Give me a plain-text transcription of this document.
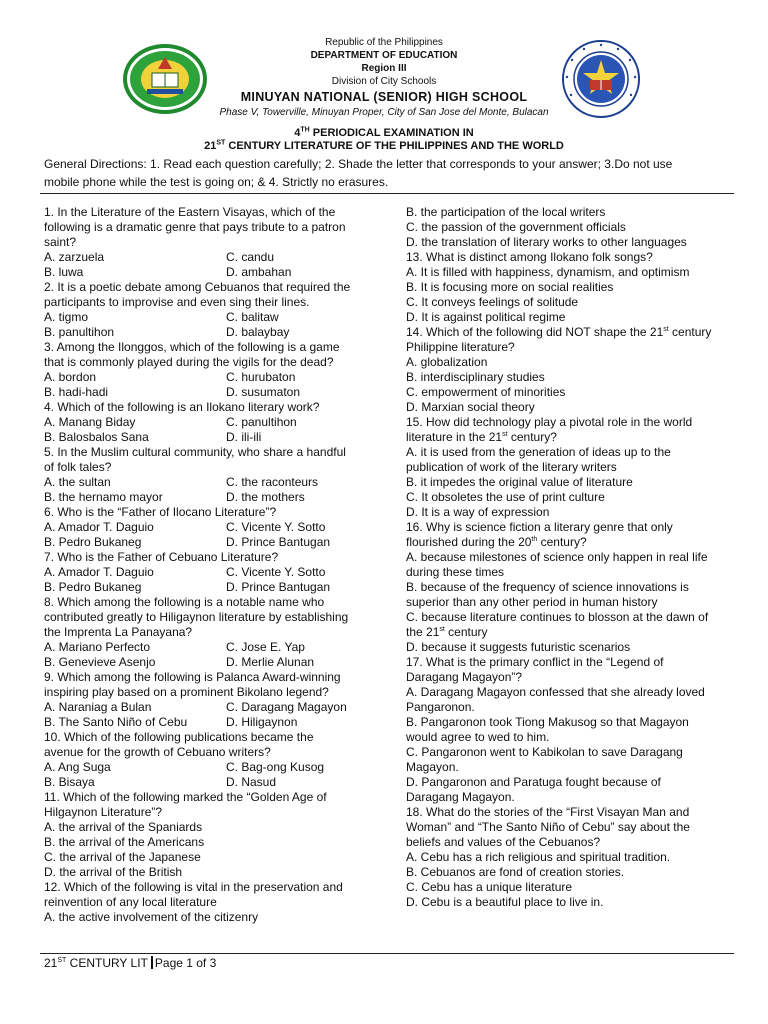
Republic of the Philippines
DEPARTMENT OF EDUCATION
Region III
Division of City Schools
MINUYAN NATIONAL (SENIOR) HIGH SCHOOL
Phase V, Towerville, Minuyan Proper, City of San Jose del Monte, Bulacan
4TH PERIODICAL EXAMINATION IN
21ST CENTURY LITERATURE OF THE PHILIPPINES AND THE WORLD
General Directions: 1. Read each question carefully; 2. Shade the letter that corresponds to your answer; 3.Do not use
mobile phone while the test is going on; & 4. Strictly no erasures.
1. In the Literature of the Eastern Visayas, which of the
following is a dramatic genre that pays tribute to a patron
saint?
A. zarzuela	C. candu
B. luwa	D. ambahan
2. It is a poetic debate among Cebuanos that required the
participants to improvise and even sing their lines.
A. tigmo	C. balitaw
B. panultihon	D. balaybay
3. Among the Ilonggos, which of the following is a game
that is commonly played during the vigils for the dead?
A. bordon	C. hurubaton
B. hadi-hadi	D. susumaton
4. Which of the following is an Ilokano literary work?
A. Manang Biday	C. panultihon
B. Balosbalos Sana	D. ili-ili
5. In the Muslim cultural community, who share a handful
of folk tales?
A. the sultan	C. the raconteurs
B. the hernamo mayor	D. the mothers
6. Who is the “Father of Ilocano Literature”?
A. Amador T. Daguio	C. Vicente Y. Sotto
B. Pedro Bukaneg	D. Prince Bantugan
7. Who is the Father of Cebuano Literature?
A. Amador T. Daguio	C. Vicente Y. Sotto
B. Pedro Bukaneg	D. Prince Bantugan
8. Which among the following is a notable name who
contributed greatly to Hiligaynon literature by establishing
the Imprenta La Panayana?
A. Mariano Perfecto	C. Jose E. Yap
B. Genevieve Asenjo	D. Merlie Alunan
9. Which among the following is Palanca Award-winning
inspiring play based on a prominent Bikolano legend?
A. Naraniag a Bulan	C. Daragang Magayon
B. The Santo Niño of Cebu	D. Hiligaynon
10. Which of the following publications became the
avenue for the growth of Cebuano writers?
A. Ang Suga	C. Bag-ong Kusog
B. Bisaya	D. Nasud
11. Which of the following marked the “Golden Age of
Hilgaynon Literature”?
A. the arrival of the Spaniards
B. the arrival of the Americans
C. the arrival of the Japanese
D. the arrival of the British
12. Which of the following is vital in the preservation and
reinvention of any local literature
A. the active involvement of the citizenry
B. the participation of the local writers
C. the passion of the government officials
D. the translation of literary works to other languages
13. What is distinct among Ilokano folk songs?
A. It is filled with happiness, dynamism, and optimism
B. It is focusing more on social realities
C. It conveys feelings of solitude
D. It is against political regime
14. Which of the following did NOT shape the 21st century
Philippine literature?
A. globalization
B. interdisciplinary studies
C. empowerment of minorities
D. Marxian social theory
15. How did technology play a pivotal role in the world
literature in the 21st century?
A. it is used from the generation of ideas up to the
publication of work of the literary writers
B. it impedes the original value of literature
C. It obsoletes the use of print culture
D. It is a way of expression
16. Why is science fiction a literary genre that only
flourished during the 20th century?
A. because milestones of science only happen in real life
during these times
B. because of the frequency of science innovations is
superior than any other period in human history
C. because literature continues to blosson at the dawn of
the 21st century
D. because it suggests futuristic scenarios
17. What is the primary conflict in the “Legend of
Daragang Magayon”?
A. Daragang Magayon confessed that she already loved
Pangaronon.
B. Pangaronon took Tiong Makusog so that Magayon
would agree to wed to him.
C. Pangaronon went to Kabikolan to save Daragang
Magayon.
D. Pangaronon and Paratuga fought because of
Daragang Magayon.
18. What do the stories of the “First Visayan Man and
Woman” and “The Santo Niño of Cebu” say about the
beliefs and values of the Cebuanos?
A. Cebu has a rich religious and spiritual tradition.
B. Cebuanos are fond of creation stories.
C. Cebu has a unique literature
D. Cebu is a beautiful place to live in.
21ST CENTURY LIT Page 1 of 3
